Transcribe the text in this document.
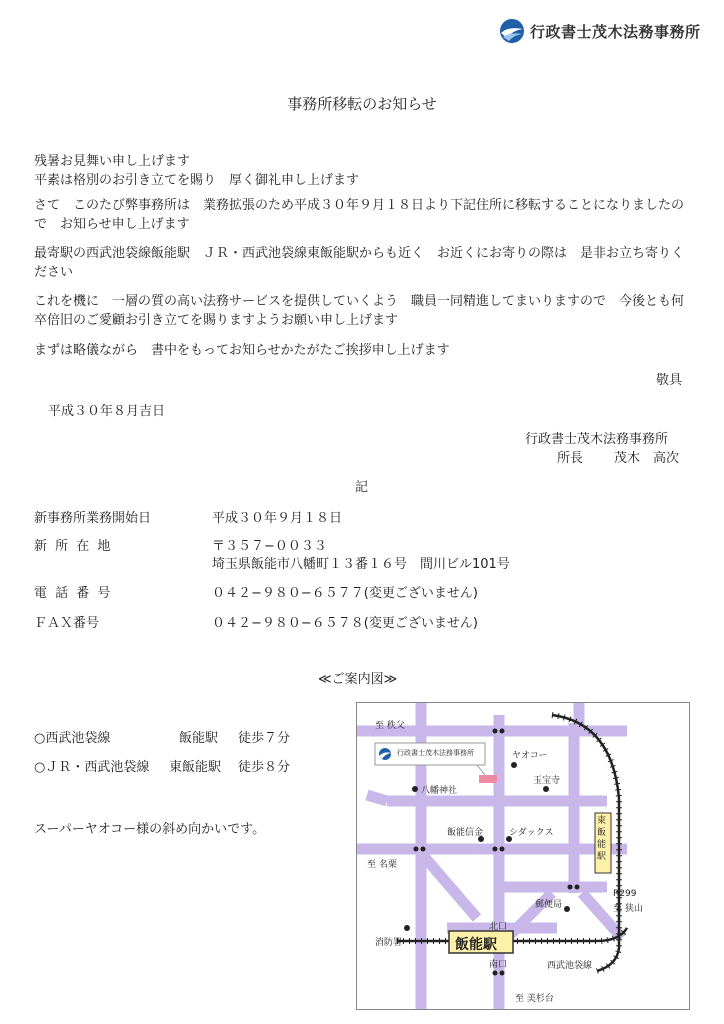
行政書士茂木法務事務所
事務所移転のお知らせ
残暑お見舞い申し上げます
平素は格別のお引き立てを賜り　厚く御礼申し上げます
さて　このたび弊事務所は　業務拡張のため平成３０年９月１８日より下記住所に移転することになりましたので　お知らせ申し上げます
最寄駅の西武池袋線飯能駅　ＪＲ・西武池袋線東飯能駅からも近く　お近くにお寄りの際は　是非お立ち寄りください
これを機に　一層の質の高い法務サービスを提供していくよう　職員一同精進してまいりますので　今後とも何卒倍旧のご愛顧お引き立てを賜りますようお願い申し上げます
まずは略儀ながら　書中をもってお知らせかたがたご挨拶申し上げます
敬具
平成３０年８月吉日
行政書士茂木法務事務所
所長 茂木　高次
記
新事務所業務開始日	平成３０年９月１８日
新 所 在 地	〒３５７−００３３
埼玉県飯能市八幡町１３番１６号　間川ビル101号
電 話 番 号	０４２−９８０−６５７７(変更ございません)
ＦＡＸ番号	０４２−９８０−６５７８(変更ございません)
≪ご案内図≫
○西武池袋線	飯能駅 徒歩７分
○ＪＲ・西武池袋線 東飯能駅 徒歩８分
スーパーヤオコー様の斜め向かいです。
至 秩父
行政書士茂木法務事務所	ヤオコー
玉宝寺
八幡神社
飯能信金	シダックス
東飯能駅
至 名栗
郵便局
R299
至 狭山
北口
消防署	飯能駅
南口	西武池袋線
至 美杉台
